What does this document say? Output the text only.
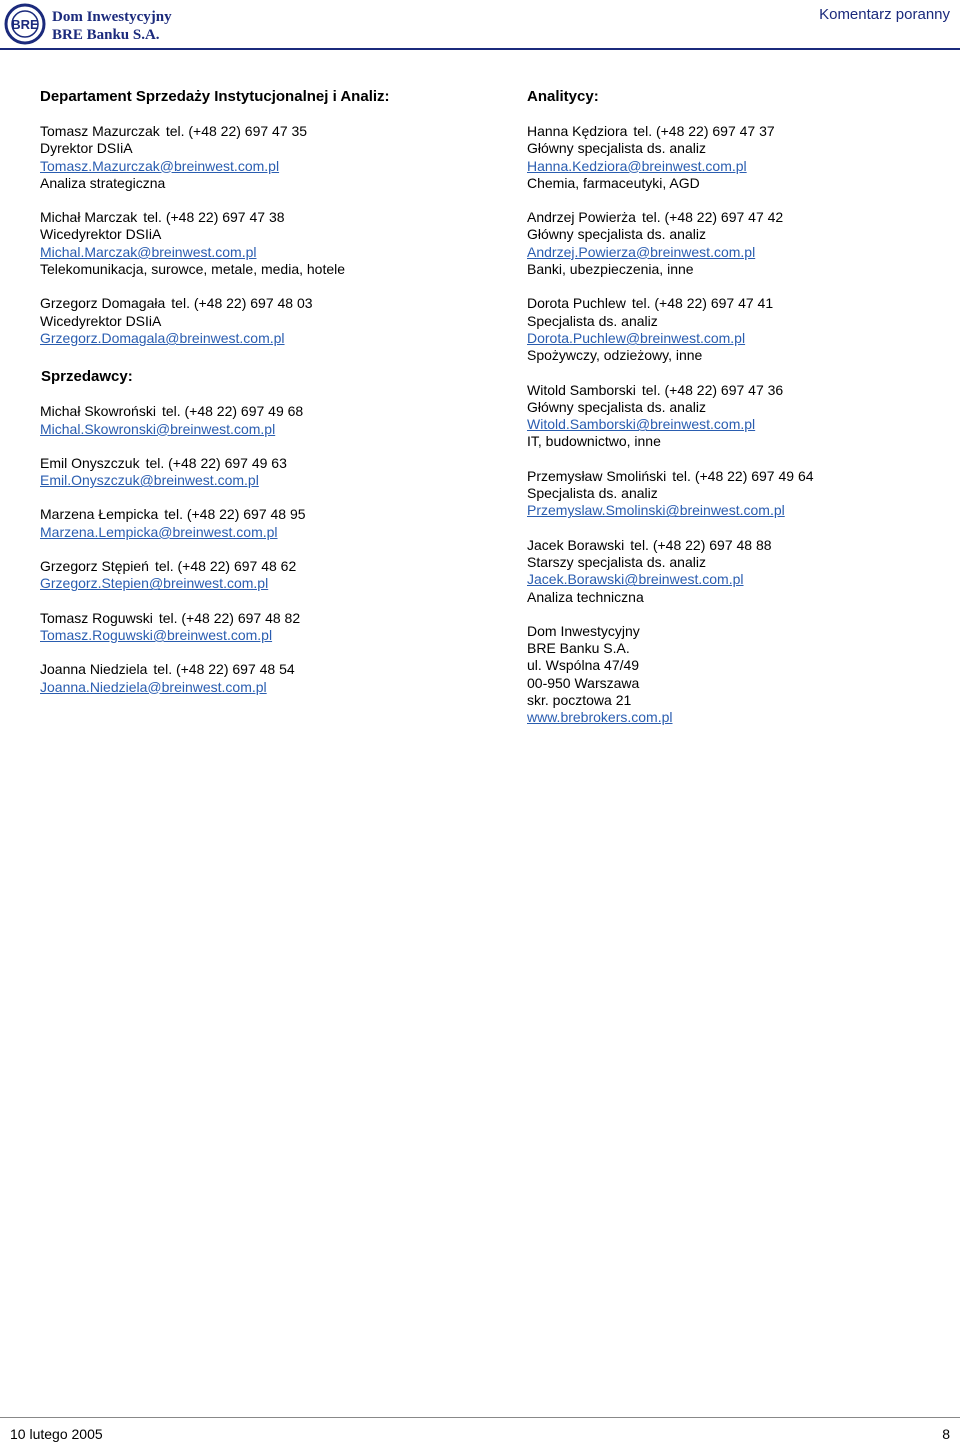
BRE Dom Inwestycyjny
BRE Banku S.A.
Komentarz poranny
Departament Sprzedaży Instytucjonalnej i Analiz:
Tomasz Mazurczak tel. (+48 22) 697 47 35
Dyrektor DSIiA
Tomasz.Mazurczak@breinwest.com.pl
Analiza strategiczna
Michał Marczak tel. (+48 22) 697 47 38
Wicedyrektor DSIiA
Michal.Marczak@breinwest.com.pl
Telekomunikacja, surowce, metale, media, hotele
Grzegorz Domagała tel. (+48 22) 697 48 03
Wicedyrektor DSIiA
Grzegorz.Domagala@breinwest.com.pl
Sprzedawcy:
Michał Skowroński tel. (+48 22) 697 49 68
Michal.Skowronski@breinwest.com.pl
Emil Onyszczuk tel. (+48 22) 697 49 63
Emil.Onyszczuk@breinwest.com.pl
Marzena Łempicka tel. (+48 22) 697 48 95
Marzena.Lempicka@breinwest.com.pl
Grzegorz Stępień tel. (+48 22) 697 48 62
Grzegorz.Stepien@breinwest.com.pl
Tomasz Roguwski tel. (+48 22) 697 48 82
Tomasz.Roguwski@breinwest.com.pl
Joanna Niedziela tel. (+48 22) 697 48 54
Joanna.Niedziela@breinwest.com.pl
Analitycy:
Hanna Kędziora tel. (+48 22) 697 47 37
Główny specjalista ds. analiz
Hanna.Kedziora@breinwest.com.pl
Chemia, farmaceutyki, AGD
Andrzej Powierża tel. (+48 22) 697 47 42
Główny specjalista ds. analiz
Andrzej.Powierza@breinwest.com.pl
Banki, ubezpieczenia, inne
Dorota Puchlew tel. (+48 22) 697 47 41
Specjalista ds. analiz
Dorota.Puchlew@breinwest.com.pl
Spożywczy, odzieżowy, inne
Witold Samborski tel. (+48 22) 697 47 36
Główny specjalista ds. analiz
Witold.Samborski@breinwest.com.pl
IT, budownictwo, inne
Przemysław Smoliński tel. (+48 22) 697 49 64
Specjalista ds. analiz
Przemyslaw.Smolinski@breinwest.com.pl
Jacek Borawski tel. (+48 22) 697 48 88
Starszy specjalista ds. analiz
Jacek.Borawski@breinwest.com.pl
Analiza techniczna
Dom Inwestycyjny
BRE Banku S.A.
ul. Wspólna 47/49
00-950 Warszawa
skr. pocztowa 21
www.brebrokers.com.pl
10 lutego 2005	8
